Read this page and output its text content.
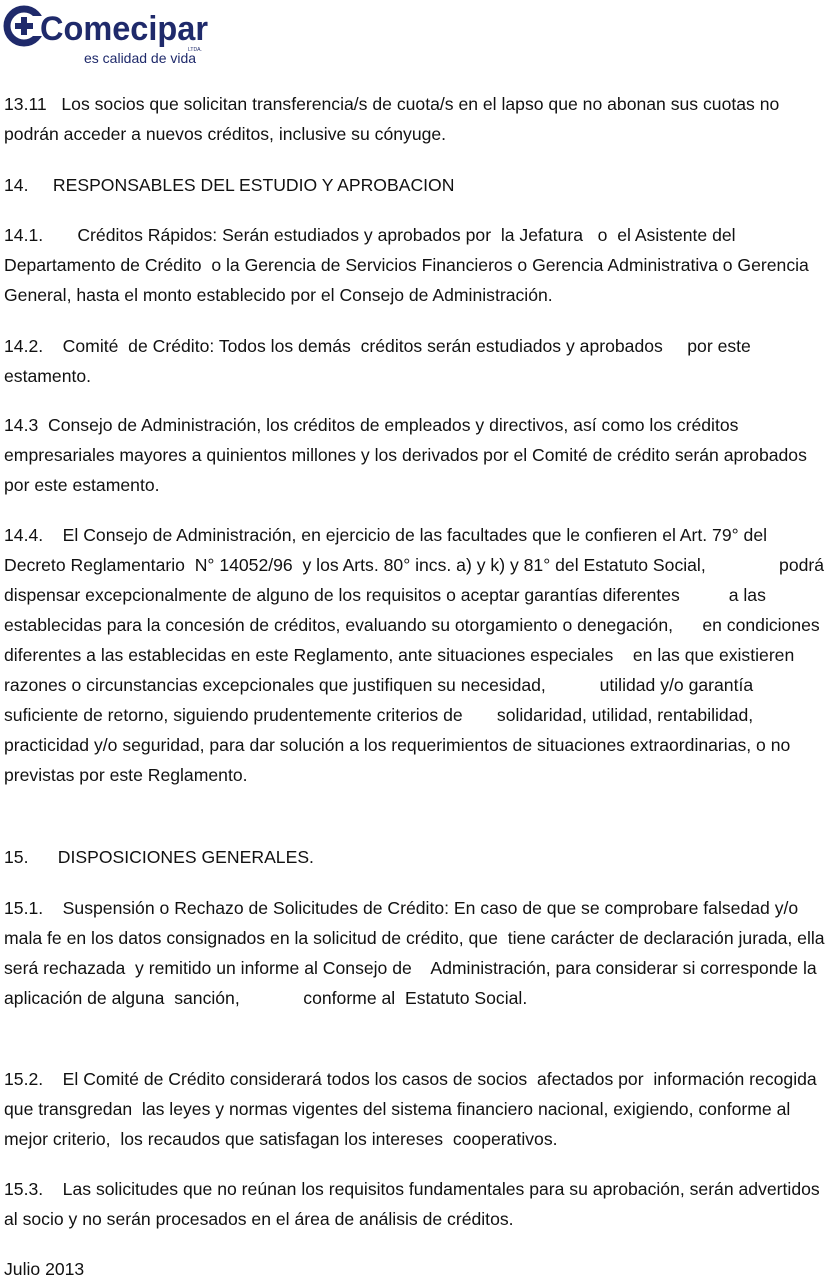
Comecipar
LTDA.
es calidad de vida

13.11   Los socios que solicitan transferencia/s de cuota/s en el lapso que no abonan sus cuotas no podrán acceder a nuevos créditos, inclusive su cónyuge.

14.     RESPONSABLES DEL ESTUDIO Y APROBACION

14.1.       Créditos Rápidos: Serán estudiados y aprobados por  la Jefatura   o  el Asistente del Departamento de Crédito  o la Gerencia de Servicios Financieros o Gerencia Administrativa o Gerencia General, hasta el monto establecido por el Consejo de Administración.

14.2.    Comité  de Crédito: Todos los demás  créditos serán estudiados y aprobados     por este estamento.

14.3  Consejo de Administración, los créditos de empleados y directivos, así como los créditos empresariales mayores a quinientos millones y los derivados por el Comité de crédito serán aprobados por este estamento.

14.4.    El Consejo de Administración, en ejercicio de las facultades que le confieren el Art. 79° del  Decreto Reglamentario  N° 14052/96  y los Arts. 80° incs. a) y k) y 81° del Estatuto Social,               podrá dispensar excepcionalmente de alguno de los requisitos o aceptar garantías diferentes          a las establecidas para la concesión de créditos, evaluando su otorgamiento o denegación,      en condiciones diferentes a las establecidas en este Reglamento, ante situaciones especiales    en las que existieren razones o circunstancias excepcionales que justifiquen su necesidad,           utilidad y/o garantía suficiente de retorno, siguiendo prudentemente criterios de       solidaridad, utilidad, rentabilidad, practicidad y/o seguridad, para dar solución a los requerimientos de situaciones extraordinarias, o no previstas por este Reglamento.

15.      DISPOSICIONES GENERALES.

15.1.    Suspensión o Rechazo de Solicitudes de Crédito: En caso de que se comprobare falsedad y/o mala fe en los datos consignados en la solicitud de crédito, que  tiene carácter de declaración jurada, ella será rechazada  y remitido un informe al Consejo de    Administración, para considerar si corresponde la aplicación de alguna  sanción,             conforme al  Estatuto Social.

15.2.    El Comité de Crédito considerará todos los casos de socios  afectados por  información recogida  que transgredan  las leyes y normas vigentes del sistema financiero nacional, exigiendo, conforme al mejor criterio,  los recaudos que satisfagan los intereses  cooperativos.

15.3.    Las solicitudes que no reúnan los requisitos fundamentales para su aprobación, serán advertidos al socio y no serán procesados en el área de análisis de créditos.

Julio 2013
